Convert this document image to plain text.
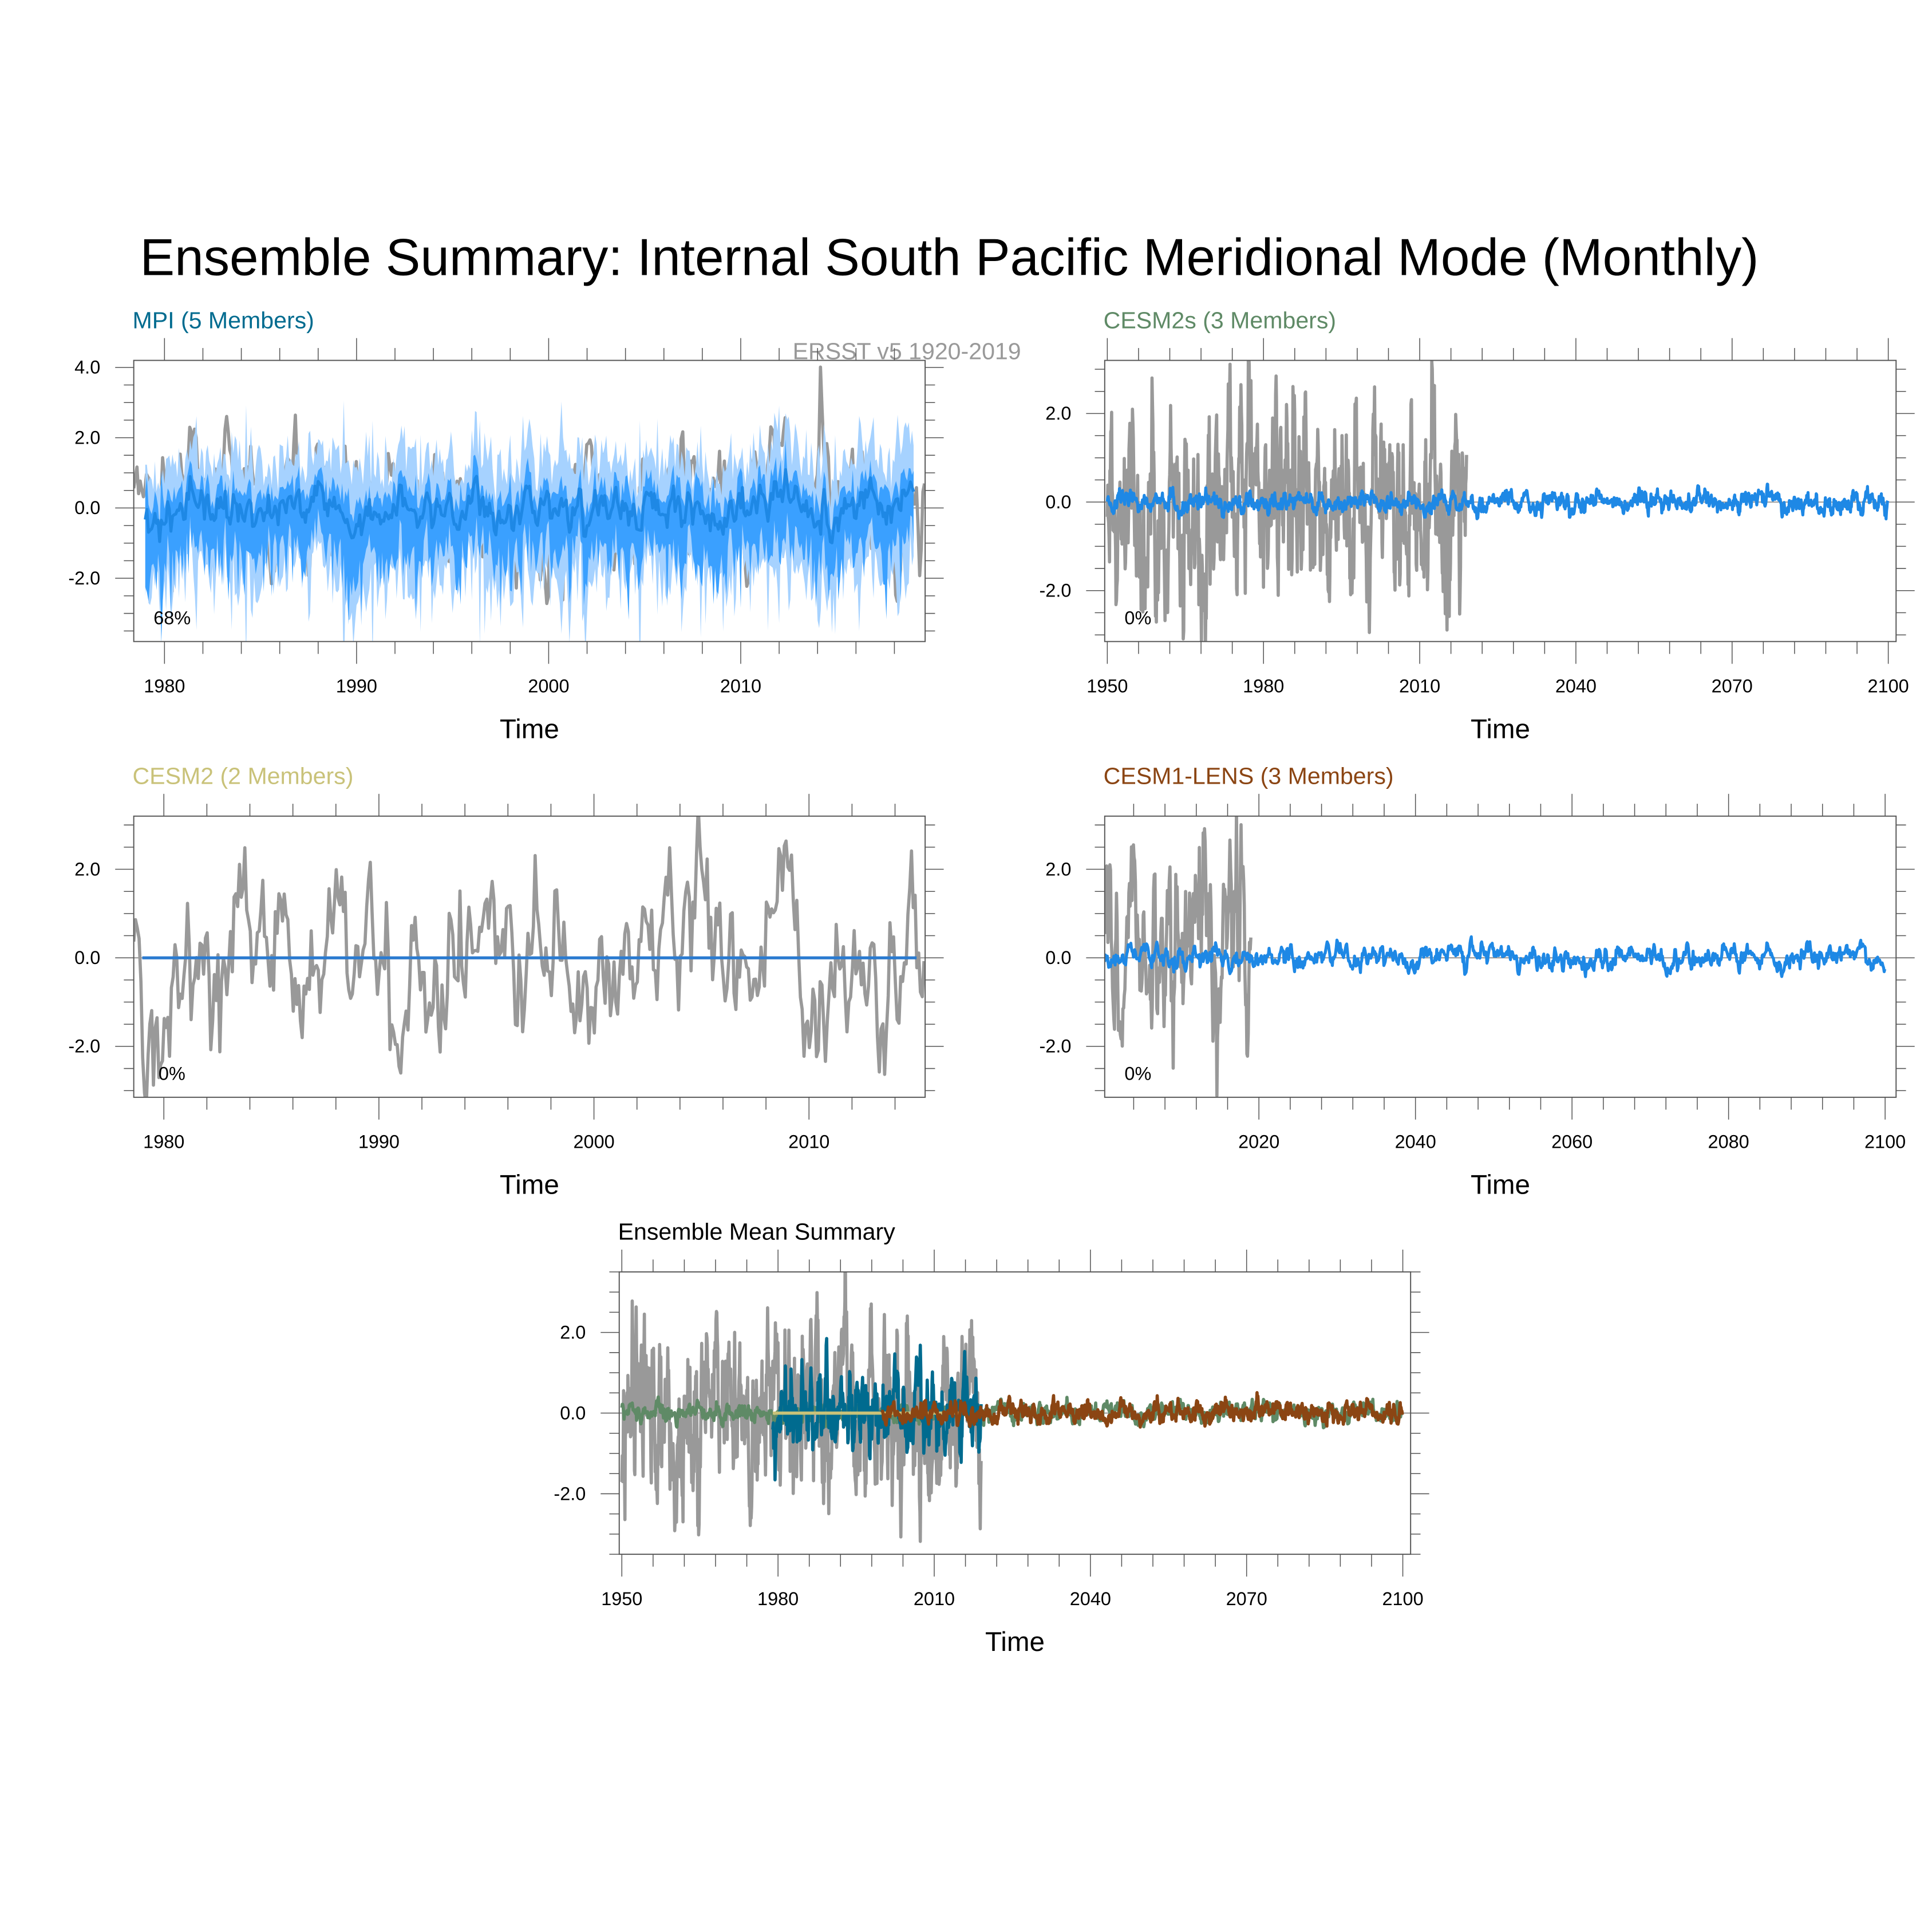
Ensemble Summary: Internal South Pacific Meridional Mode (Monthly)
ERSST v5 1920-2019
MPI (5 Members)
1980	1990	2000	2010
-2.0
0.0
2.0
4.0
Time
68%
CESM2s (3 Members)
1950	1980	2010	2040	2070	2100
-2.0
0.0
2.0
Time
0%
CESM2 (2 Members)
1980	1990	2000	2010
-2.0
0.0
2.0
Time
0%
CESM1-LENS (3 Members)
2020	2040	2060	2080	2100
-2.0
0.0
2.0
Time
0%
Ensemble Mean Summary
1950	1980	2010	2040	2070	2100
-2.0
0.0
2.0
Time
